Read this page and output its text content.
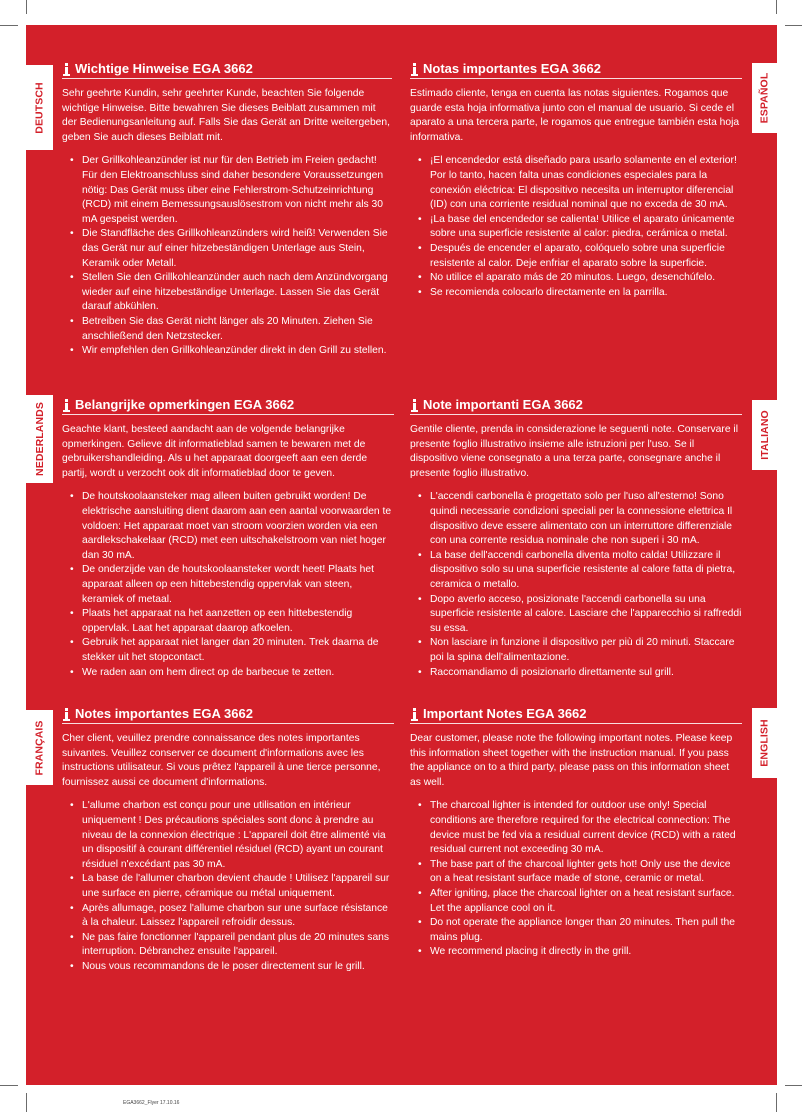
DEUTSCH	ESPAÑOL
NEDERLANDS	ITALIANO
FRANÇAIS	ENGLISH
Wichtige Hinweise EGA 3662

Sehr geehrte Kundin, sehr geehrter Kunde, beachten Sie folgende wichtige Hinweise. Bitte bewahren Sie dieses Beiblatt zusammen mit der Bedienungsanleitung auf. Falls Sie das Gerät an Dritte weitergeben, geben Sie auch dieses Beiblatt mit.

• Der Grillkohleanzünder ist nur für den Betrieb im Freien gedacht! Für den Elektroanschluss sind daher besondere Voraussetzungen nötig: Das Gerät muss über eine Fehlerstrom-Schutzeinrichtung (RCD) mit einem Bemessungsauslösestrom von nicht mehr als 30 mA gespeist werden.
• Die Standfläche des Grillkohleanzünders wird heiß! Verwenden Sie das Gerät nur auf einer hitzebeständigen Unterlage aus Stein, Keramik oder Metall.
• Stellen Sie den Grillkohleanzünder auch nach dem Anzündvorgang wieder auf eine hitzebeständige Unterlage. Lassen Sie das Gerät darauf abkühlen.
• Betreiben Sie das Gerät nicht länger als 20 Minuten. Ziehen Sie anschließend den Netzstecker.
• Wir empfehlen den Grillkohleanzünder direkt in den Grill zu stellen.
Notas importantes EGA 3662

Estimado cliente, tenga en cuenta las notas siguientes. Rogamos que guarde esta hoja informativa junto con el manual de usuario. Si cede el aparato a una tercera parte, le rogamos que entregue también esta hoja informativa.

• ¡El encendedor está diseñado para usarlo solamente en el exterior! Por lo tanto, hacen falta unas condiciones especiales para la conexión eléctrica: El dispositivo necesita un interruptor diferencial (ID) con una corriente residual nominal que no exceda de 30 mA.
• ¡La base del encendedor se calienta! Utilice el aparato únicamente sobre una superficie resistente al calor: piedra, cerámica o metal.
• Después de encender el aparato, colóquelo sobre una superficie resistente al calor. Deje enfriar el aparato sobre la superficie.
• No utilice el aparato más de 20 minutos. Luego, desenchúfelo.
• Se recomienda colocarlo directamente en la parrilla.
Belangrijke opmerkingen EGA 3662

Geachte klant, besteed aandacht aan de volgende belangrijke opmerkingen. Gelieve dit informatieblad samen te bewaren met de gebruikershandleiding. Als u het apparaat doorgeeft aan een derde partij, wordt u verzocht ook dit informatieblad door te geven.

• De houtskoolaansteker mag alleen buiten gebruikt worden! De elektrische aansluiting dient daarom aan een aantal voorwaarden te voldoen: Het apparaat moet van stroom voorzien worden via een aardlekschakelaar (RCD) met een uitschakelstroom van niet hoger dan 30 mA.
• De onderzijde van de houtskoolaansteker wordt heet! Plaats het apparaat alleen op een hittebestendig oppervlak van steen, keramiek of metaal.
• Plaats het apparaat na het aanzetten op een hittebestendig oppervlak. Laat het apparaat daarop afkoelen.
• Gebruik het apparaat niet langer dan 20 minuten. Trek daarna de stekker uit het stopcontact.
• We raden aan om hem direct op de barbecue te zetten.
Note importanti EGA 3662

Gentile cliente, prenda in considerazione le seguenti note. Conservare il presente foglio illustrativo insieme alle istruzioni per l'uso. Se il dispositivo viene consegnato a una terza parte, consegnare anche il presente foglio illustrativo.

• L'accendi carbonella è progettato solo per l'uso all'esterno! Sono quindi necessarie condizioni speciali per la connessione elettrica Il dispositivo deve essere alimentato con un interruttore differenziale con una corrente residua nominale che non superi i 30 mA.
• La base dell'accendi carbonella diventa molto calda! Utilizzare il dispositivo solo su una superficie resistente al calore fatta di pietra, ceramica o metallo.
• Dopo averlo acceso, posizionate l'accendi carbonella su una superficie resistente al calore. Lasciare che l'apparecchio si raffreddi su essa.
• Non lasciare in funzione il dispositivo per più di 20 minuti. Staccare poi la spina dell'alimentazione.
• Raccomandiamo di posizionarlo direttamente sul grill.
Notes importantes EGA 3662

Cher client, veuillez prendre connaissance des notes importantes suivantes. Veuillez conserver ce document d'informations avec les instructions utilisateur. Si vous prêtez l'appareil à une tierce personne, fournissez aussi ce document d'informations.

• L'allume charbon est conçu pour une utilisation en intérieur uniquement ! Des précautions spéciales sont donc à prendre au niveau de la connexion électrique : L'appareil doit être alimenté via un dispositif à courant différentiel résiduel (RCD) ayant un courant résiduel n'excédant pas 30 mA.
• La base de l'allumer charbon devient chaude ! Utilisez l'appareil sur une surface en pierre, céramique ou métal uniquement.
• Après allumage, posez l'allume charbon sur une surface résistance à la chaleur. Laissez l'appareil refroidir dessus.
• Ne pas faire fonctionner l'appareil pendant plus de 20 minutes sans interruption. Débranchez ensuite l'appareil.
• Nous vous recommandons de le poser directement sur le grill.
Important Notes EGA 3662

Dear customer, please note the following important notes. Please keep this information sheet together with the instruction manual. If you pass the appliance on to a third party, please pass on this information sheet as well.

• The charcoal lighter is intended for outdoor use only! Special conditions are therefore required for the electrical connection: The device must be fed via a residual current device (RCD) with a rated residual current not exceeding 30 mA.
• The base part of the charcoal lighter gets hot! Only use the device on a heat resistant surface made of stone, ceramic or metal.
• After igniting, place the charcoal lighter on a heat resistant surface. Let the appliance cool on it.
• Do not operate the appliance longer than 20 minutes. Then pull the mains plug.
• We recommend placing it directly in the grill.
EGA3662_Flyer 17.10.16
